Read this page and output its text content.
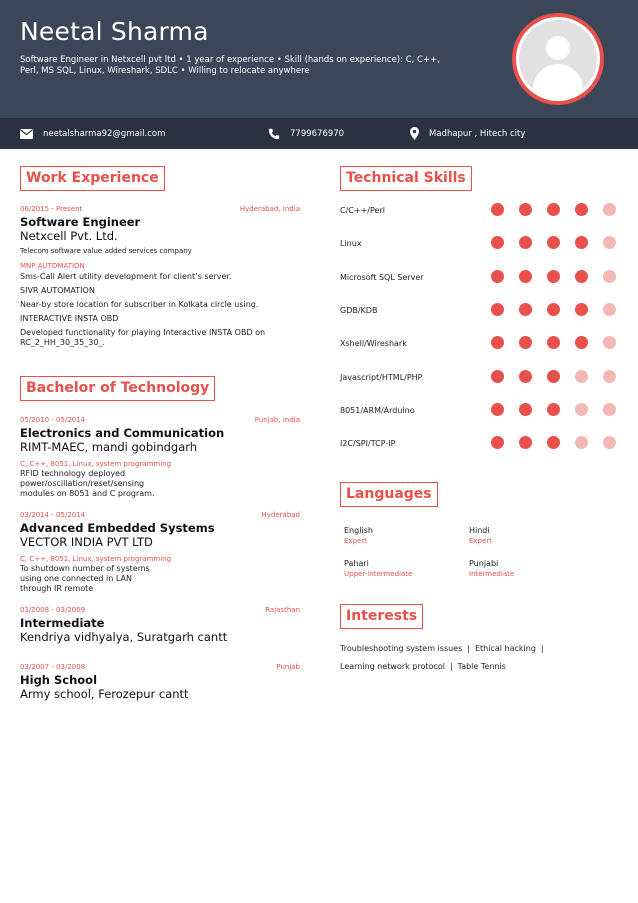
Neetal Sharma
Software Engineer in Netxcell pvt ltd • 1 year of experience • Skill (hands on experience): C, C++, Perl, MS SQL, Linux, Wireshark, SDLC • Willing to relocate anywhere
neetalsharma92@gmail.com	7799676970	Madhapur , Hitech city
Work Experience
06/2015 - Present	Hyderabad, India
Software Engineer
Netxcell Pvt. Ltd.
Telecom software value added services company
MNP AUTOMATION
Sms-Call Alert utility development for client’s server.
SIVR AUTOMATION
Near-by store location for subscriber in Kolkata circle using.
INTERACTIVE INSTA OBD
Developed functionality for playing Interactive INSTA OBD on RC_2_HH_30_35_30_.
Bachelor of Technology
05/2010 - 05/2014	Punjab, India
Electronics and Communication
RIMT-MAEC, mandi gobindgarh
C, C++, 8051, Linux, system programming
RFID technology deployed
power/oscillation/reset/sensing
modules on 8051 and C program.
03/2014 - 05/2014	Hyderabad
Advanced Embedded Systems
VECTOR INDIA PVT LTD
C, C++, 8051, Linux, system programming
To shutdown number of systems
using one connected in LAN
through IR remote
03/2008 - 03/2009	Rajasthan
Intermediate
Kendriya vidhyalya, Suratgarh cantt
03/2007 - 03/2008	Punjab
High School
Army school, Ferozepur cantt
Technical Skills
C/C++/Perl
Linux
Microsoft SQL Server
GDB/KDB
Xshell/Wireshark
Javascript/HTML/PHP
8051/ARM/Arduino
I2C/SPI/TCP-IP
Languages
English
Expert
Hindi
Expert
Pahari
Upper-intermediate
Punjabi
Intermediate
Interests
Troubleshooting system issues | Ethical hacking |
Learning network protocol | Table Tennis
